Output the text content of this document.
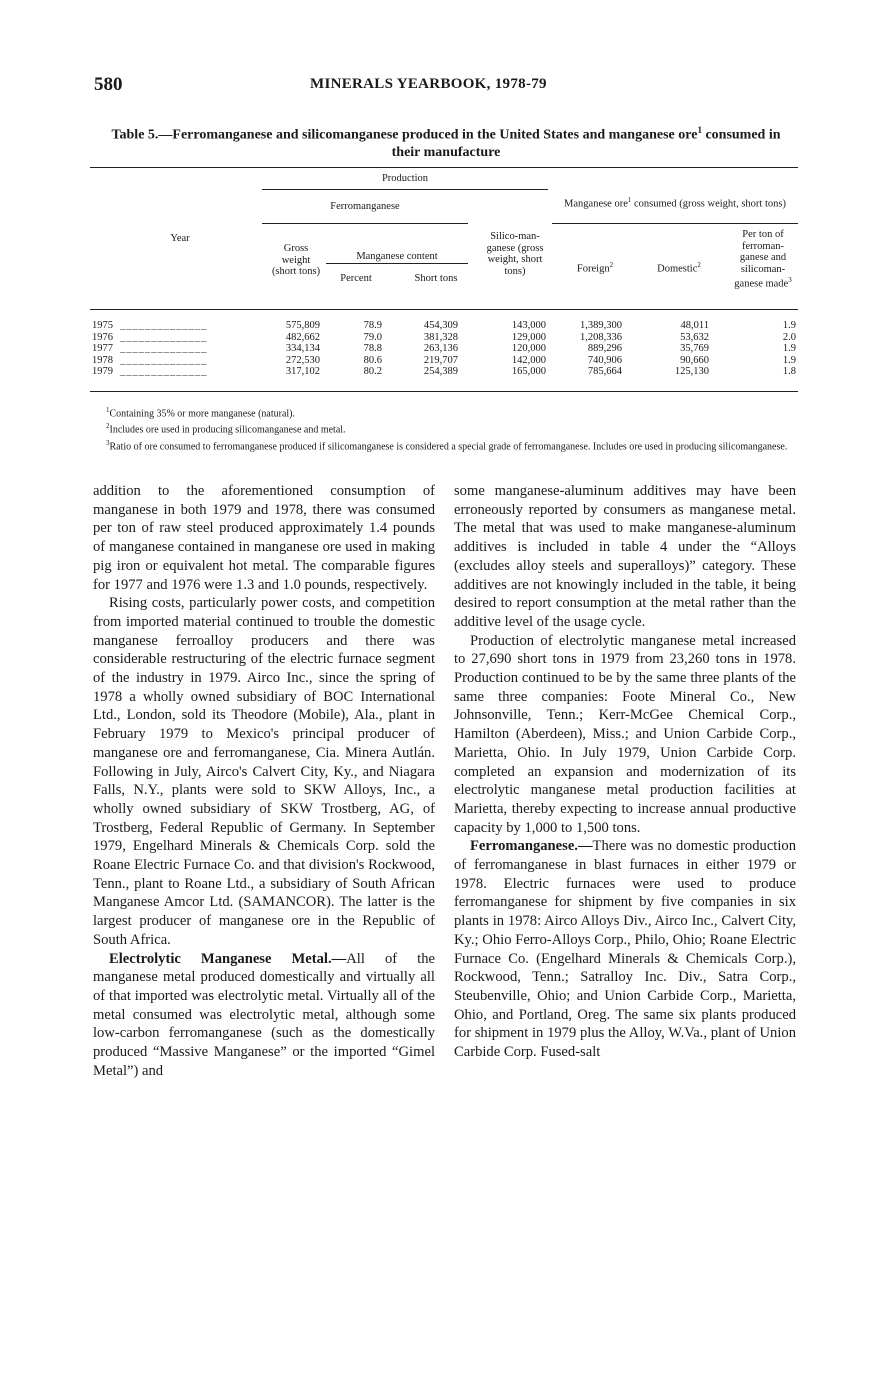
580	MINERALS YEARBOOK, 1978-79
Table 5.—Ferromanganese and silicomanganese produced in the United States and manganese ore$^1$ consumed in their manufacture
Year
Production
Ferromanganese
Gross weight (short tons)
Manganese content
Percent	Short tons
Silico-man-ganese (gross weight, short tons)
Manganese ore$^1$ consumed (gross weight, short tons)
Foreign$^2$	Domestic$^2$
Per ton of ferroman-ganese and silicoman-ganese made$^3$
1975 ______________	575,809	78.9	454,309	143,000	1,389,300	48,011	1.9
1976 ______________	482,662	79.0	381,328	129,000	1,208,336	53,632	2.0
1977 ______________	334,134	78.8	263,136	120,000	889,296	35,769	1.9
1978 ______________	272,530	80.6	219,707	142,000	740,906	90,660	1.9
1979 ______________	317,102	80.2	254,389	165,000	785,664	125,130	1.8

$^1$Containing 35% or more manganese (natural).

$^2$Includes ore used in producing silicomanganese and metal.

$^3$Ratio of ore consumed to ferromanganese produced if silicomanganese is considered a special grade of ferromanganese. Includes ore used in producing silicomanganese.

addition to the aforementioned consumption of manganese in both 1979 and 1978, there was consumed per ton of raw steel produced approximately 1.4 pounds of manganese contained in manganese ore used in making pig iron or equivalent hot metal. The comparable figures for 1977 and 1976 were 1.3 and 1.0 pounds, respectively.

Rising costs, particularly power costs, and competition from imported material continued to trouble the domestic manganese ferroalloy producers and there was considerable restructuring of the electric furnace segment of the industry in 1979. Airco Inc., since the spring of 1978 a wholly owned subsidiary of BOC International Ltd., London, sold its Theodore (Mobile), Ala., plant in February 1979 to Mexico's principal producer of manganese ore and ferromanganese, Cia. Minera Autlán. Following in July, Airco's Calvert City, Ky., and Niagara Falls, N.Y., plants were sold to SKW Alloys, Inc., a wholly owned subsidiary of SKW Trostberg, AG, of Trostberg, Federal Republic of Germany. In September 1979, Engelhard Minerals & Chemicals Corp. sold the Roane Electric Furnace Co. and that division's Rockwood, Tenn., plant to Roane Ltd., a subsidiary of South African Manganese Amcor Ltd. (SAMANCOR). The latter is the largest producer of manganese ore in the Republic of South Africa.

Electrolytic Manganese Metal.—All of the manganese metal produced domestically and virtually all of that imported was electrolytic metal. Virtually all of the metal consumed was electrolytic metal, although some low-carbon ferromanganese (such as the domestically produced “Massive Manganese” or the imported “Gimel Metal”) and

some manganese-aluminum additives may have been erroneously reported by consumers as manganese metal. The metal that was used to make manganese-aluminum additives is included in table 4 under the “Alloys (excludes alloy steels and superalloys)” category. These additives are not knowingly included in the table, it being desired to report consumption at the metal rather than the additive level of the usage cycle.

Production of electrolytic manganese metal increased to 27,690 short tons in 1979 from 23,260 tons in 1978. Production continued to be by the same three plants of the same three companies: Foote Mineral Co., New Johnsonville, Tenn.; Kerr-McGee Chemical Corp., Hamilton (Aberdeen), Miss.; and Union Carbide Corp., Marietta, Ohio. In July 1979, Union Carbide Corp. completed an expansion and modernization of its electrolytic manganese metal production facilities at Marietta, thereby expecting to increase annual productive capacity by 1,000 to 1,500 tons.

Ferromanganese.—There was no domestic production of ferromanganese in blast furnaces in either 1979 or 1978. Electric furnaces were used to produce ferromanganese for shipment by five companies in six plants in 1978: Airco Alloys Div., Airco Inc., Calvert City, Ky.; Ohio Ferro-Alloys Corp., Philo, Ohio; Roane Electric Furnace Co. (Engelhard Minerals & Chemicals Corp.), Rockwood, Tenn.; Satralloy Inc. Div., Satra Corp., Steubenville, Ohio; and Union Carbide Corp., Marietta, Ohio, and Portland, Oreg. The same six plants produced for shipment in 1979 plus the Alloy, W.Va., plant of Union Carbide Corp. Fused-salt
